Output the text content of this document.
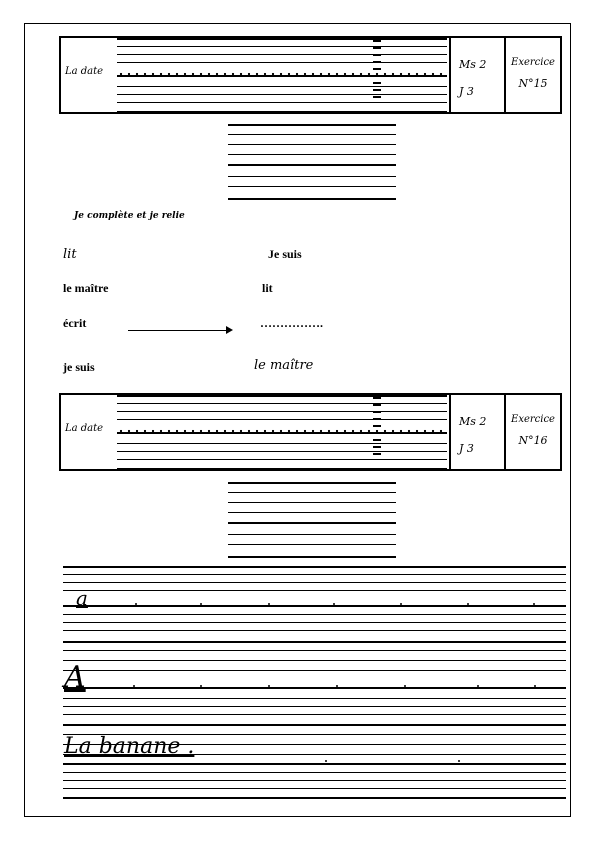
La date
Ms 2
J 3
Exercice
N°15
Je complète et je relie
lit
le maître
écrit
je suis
Je suis
lit
…………….
le maître
La date
Ms 2
J 3
Exercice
N°16
a
A
La banane .
